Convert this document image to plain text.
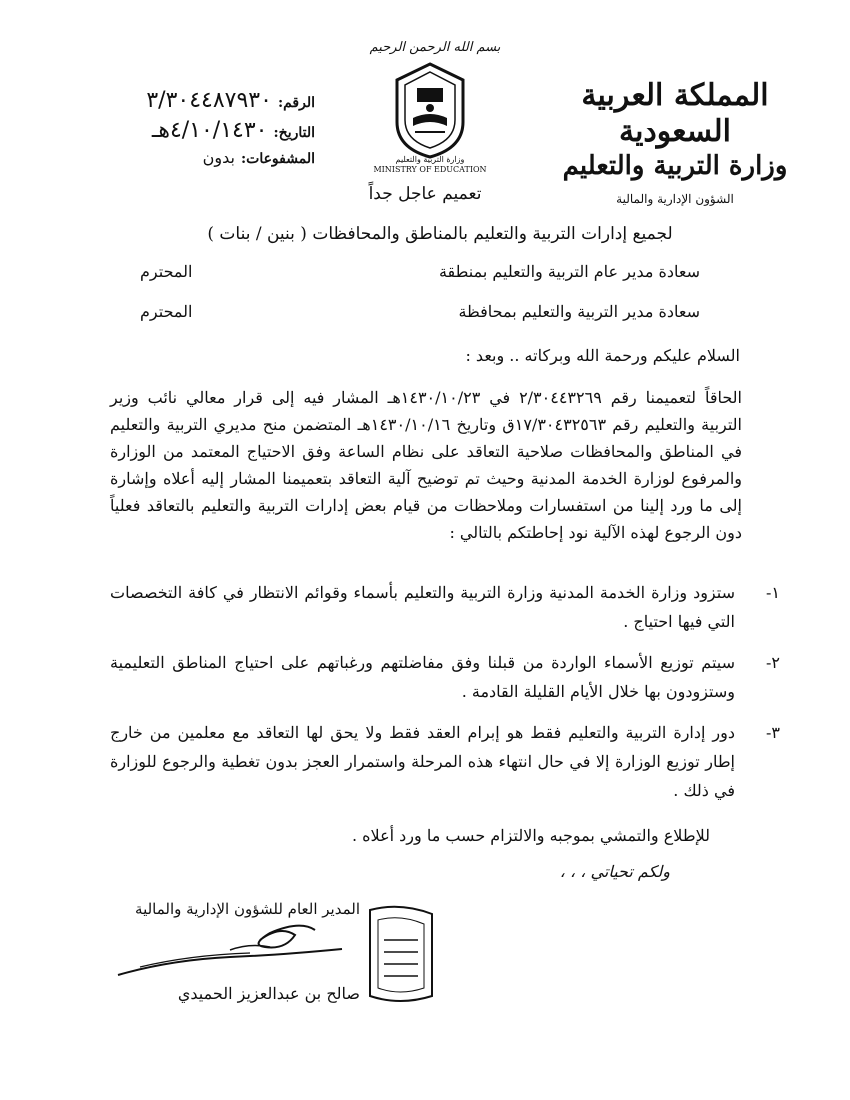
المملكة العربية السعودية
وزارة التربية والتعليم
الشؤون الإدارية والمالية
بسم الله الرحمن الرحيم
وزارة التربية والتعليم
MINISTRY OF EDUCATION
الرقم:
٣/٣٠٤٤٨٧٩٣٠
التاريخ:
٤/١٠/١٤٣٠هـ
المشفوعات:
بدون
تعميم عاجل جداً
لجميع إدارات التربية والتعليم بالمناطق والمحافظات ( بنين / بنات )
سعادة مدير عام التربية والتعليم بمنطقة
المحترم
سعادة مدير التربية والتعليم بمحافظة
المحترم
السلام عليكم ورحمة الله وبركاته .. وبعد :
الحاقاً لتعميمنا رقم ٢/٣٠٤٤٣٢٦٩ في ١٤٣٠/١٠/٢٣هـ المشار فيه إلى قرار معالي نائب وزير التربية والتعليم رقم ١٧/٣٠٤٣٢٥٦٣ق وتاريخ ١٤٣٠/١٠/١٦هـ المتضمن منح مديري التربية والتعليم في المناطق والمحافظات صلاحية التعاقد على نظام الساعة وفق الاحتياج المعتمد من الوزارة والمرفوع لوزارة الخدمة المدنية وحيث تم توضيح آلية التعاقد بتعميمنا المشار إليه أعلاه وإشارة إلى ما ورد إلينا من استفسارات وملاحظات من قيام بعض إدارات التربية والتعليم بالتعاقد فعلياً دون الرجوع لهذه الآلية نود إحاطتكم بالتالي :
١-
ستزود وزارة الخدمة المدنية وزارة التربية والتعليم بأسماء وقوائم الانتظار في كافة التخصصات التي فيها احتياج .
٢-
سيتم توزيع الأسماء الواردة من قبلنا وفق مفاضلتهم ورغباتهم على احتياج المناطق التعليمية وستزودون بها خلال الأيام القليلة القادمة .
٣-
دور إدارة التربية والتعليم فقط هو إبرام العقد فقط ولا يحق لها التعاقد مع معلمين من خارج إطار توزيع الوزارة إلا في حال انتهاء هذه المرحلة واستمرار العجز بدون تغطية والرجوع للوزارة في ذلك .
للإطلاع والتمشي بموجبه والالتزام حسب ما ورد أعلاه .
ولكم تحياتي ، ، ،
المدير العام للشؤون الإدارية والمالية
صالح بن عبدالعزيز الحميدي
